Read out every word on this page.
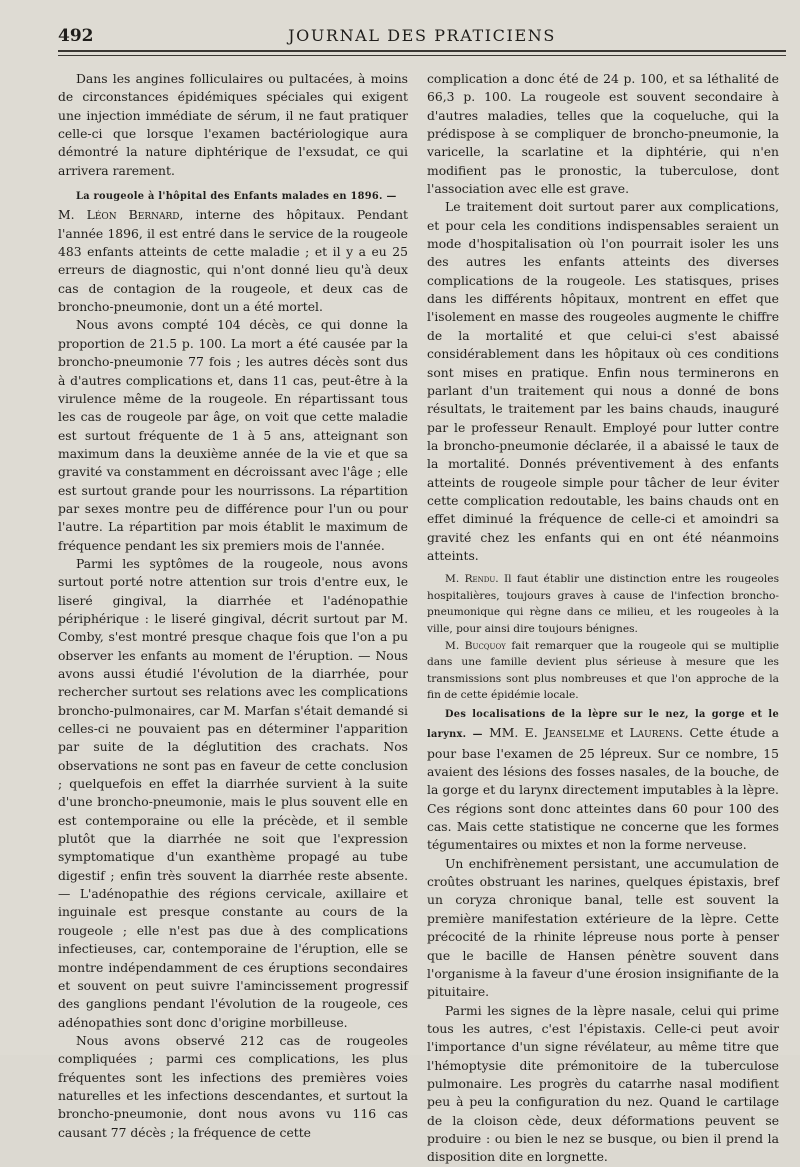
492	JOURNAL DES PRATICIENS

Dans les angines folliculaires ou pultacées, à moins de circonstances épidémiques spéciales qui exigent une injection immédiate de sérum, il ne faut pratiquer celle-ci que lorsque l'examen bactériologique aura démontré la nature diphtérique de l'exsudat, ce qui arrivera rarement.

La rougeole à l'hôpital des Enfants malades en 1896. —
M. Léon Bernard, interne des hôpitaux. Pendant l'année 1896, il est entré dans le service de la rougeole 483 enfants atteints de cette maladie ; et il y a eu 25 erreurs de diagnostic, qui n'ont donné lieu qu'à deux cas de contagion de la rougeole, et deux cas de broncho-pneumonie, dont un a été mortel.

Nous avons compté 104 décès, ce qui donne la proportion de 21.5 p. 100. La mort a été causée par la broncho-pneumonie 77 fois ; les autres décès sont dus à d'autres complications et, dans 11 cas, peut-être à la virulence même de la rougeole. En répartissant tous les cas de rougeole par âge, on voit que cette maladie est surtout fréquente de 1 à 5 ans, atteignant son maximum dans la deuxième année de la vie et que sa gravité va constamment en décroissant avec l'âge ; elle est surtout grande pour les nourrissons. La répartition par sexes montre peu de différence pour l'un ou pour l'autre. La répartition par mois établit le maximum de fréquence pendant les six premiers mois de l'année.

Parmi les syptômes de la rougeole, nous avons surtout porté notre attention sur trois d'entre eux, le liseré gingival, la diarrhée et l'adénopathie périphérique : le liseré gingival, décrit surtout par M. Comby, s'est montré presque chaque fois que l'on a pu observer les enfants au moment de l'éruption. — Nous avons aussi étudié l'évolution de la diarrhée, pour rechercher surtout ses relations avec les complications broncho-pulmonaires, car M. Marfan s'était demandé si celles-ci ne pouvaient pas en déterminer l'apparition par suite de la déglutition des crachats. Nos observations ne sont pas en faveur de cette conclusion ; quelquefois en effet la diarrhée survient à la suite d'une broncho-pneumonie, mais le plus souvent elle en est contemporaine ou elle la précède, et il semble plutôt que la diarrhée ne soit que l'expression symptomatique d'un exanthème propagé au tube digestif ; enfin très souvent la diarrhée reste absente. — L'adénopathie des régions cervicale, axillaire et inguinale est presque constante au cours de la rougeole ; elle n'est pas due à des complications infectieuses, car, contemporaine de l'éruption, elle se montre indépendamment de ces éruptions secondaires et souvent on peut suivre l'amincissement progressif des ganglions pendant l'évolution de la rougeole, ces adénopathies sont donc d'origine morbilleuse.

Nous avons observé 212 cas de rougeoles compliquées ; parmi ces complications, les plus fréquentes sont les infections des premières voies naturelles et les infections descendantes, et surtout la broncho-pneumonie, dont nous avons vu 116 cas causant 77 décès ; la fréquence de cette

complication a donc été de 24 p. 100, et sa léthalité de 66,3 p. 100. La rougeole est souvent secondaire à d'autres maladies, telles que la coqueluche, qui la prédispose à se compliquer de broncho-pneumonie, la varicelle, la scarlatine et la diphtérie, qui n'en modifient pas le pronostic, la tuberculose, dont l'association avec elle est grave.

Le traitement doit surtout parer aux complications, et pour cela les conditions indispensables seraient un mode d'hospitalisation où l'on pourrait isoler les uns des autres les enfants atteints des diverses complications de la rougeole. Les statisques, prises dans les différents hôpitaux, montrent en effet que l'isolement en masse des rougeoles augmente le chiffre de la mortalité et que celui-ci s'est abaissé considérablement dans les hôpitaux où ces conditions sont mises en pratique. Enfin nous terminerons en parlant d'un traitement qui nous a donné de bons résultats, le traitement par les bains chauds, inauguré par le professeur Renault. Employé pour lutter contre la broncho-pneumonie déclarée, il a abaissé le taux de la mortalité. Donnés préventivement à des enfants atteints de rougeole simple pour tâcher de leur éviter cette complication redoutable, les bains chauds ont en effet diminué la fréquence de celle-ci et amoindri sa gravité chez les enfants qui en ont été néanmoins atteints.

M. Rendu. Il faut établir une distinction entre les rougeoles hospitalières, toujours graves à cause de l'infection broncho-pneumonique qui règne dans ce milieu, et les rougeoles à la ville, pour ainsi dire toujours bénignes.

M. Bucquoy fait remarquer que la rougeole qui se multiplie dans une famille devient plus sérieuse à mesure que les transmissions sont plus nombreuses et que l'on approche de la fin de cette épidémie locale.

Des localisations de la lèpre sur le nez, la gorge et le larynx. — MM. E. Jeanselme et Laurens. Cette étude a pour base l'examen de 25 lépreux. Sur ce nombre, 15 avaient des lésions des fosses nasales, de la bouche, de la gorge et du larynx directement imputables à la lèpre. Ces régions sont donc atteintes dans 60 pour 100 des cas. Mais cette statistique ne concerne que les formes tégumentaires ou mixtes et non la forme nerveuse.

Un enchifrènement persistant, une accumulation de croûtes obstruant les narines, quelques épistaxis, bref un coryza chronique banal, telle est souvent la première manifestation extérieure de la lèpre. Cette précocité de la rhinite lépreuse nous porte à penser que le bacille de Hansen pénètre souvent dans l'organisme à la faveur d'une érosion insignifiante de la pituitaire.

Parmi les signes de la lèpre nasale, celui qui prime tous les autres, c'est l'épistaxis. Celle-ci peut avoir l'importance d'un signe révélateur, au même titre que l'hémoptysie dite prémonitoire de la tuberculose pulmonaire. Les progrès du catarrhe nasal modifient peu à peu la configuration du nez. Quand le cartilage de la cloison cède, deux déformations peuvent se produire : ou bien le nez se busque, ou bien il prend la disposition dite en lorgnette.
